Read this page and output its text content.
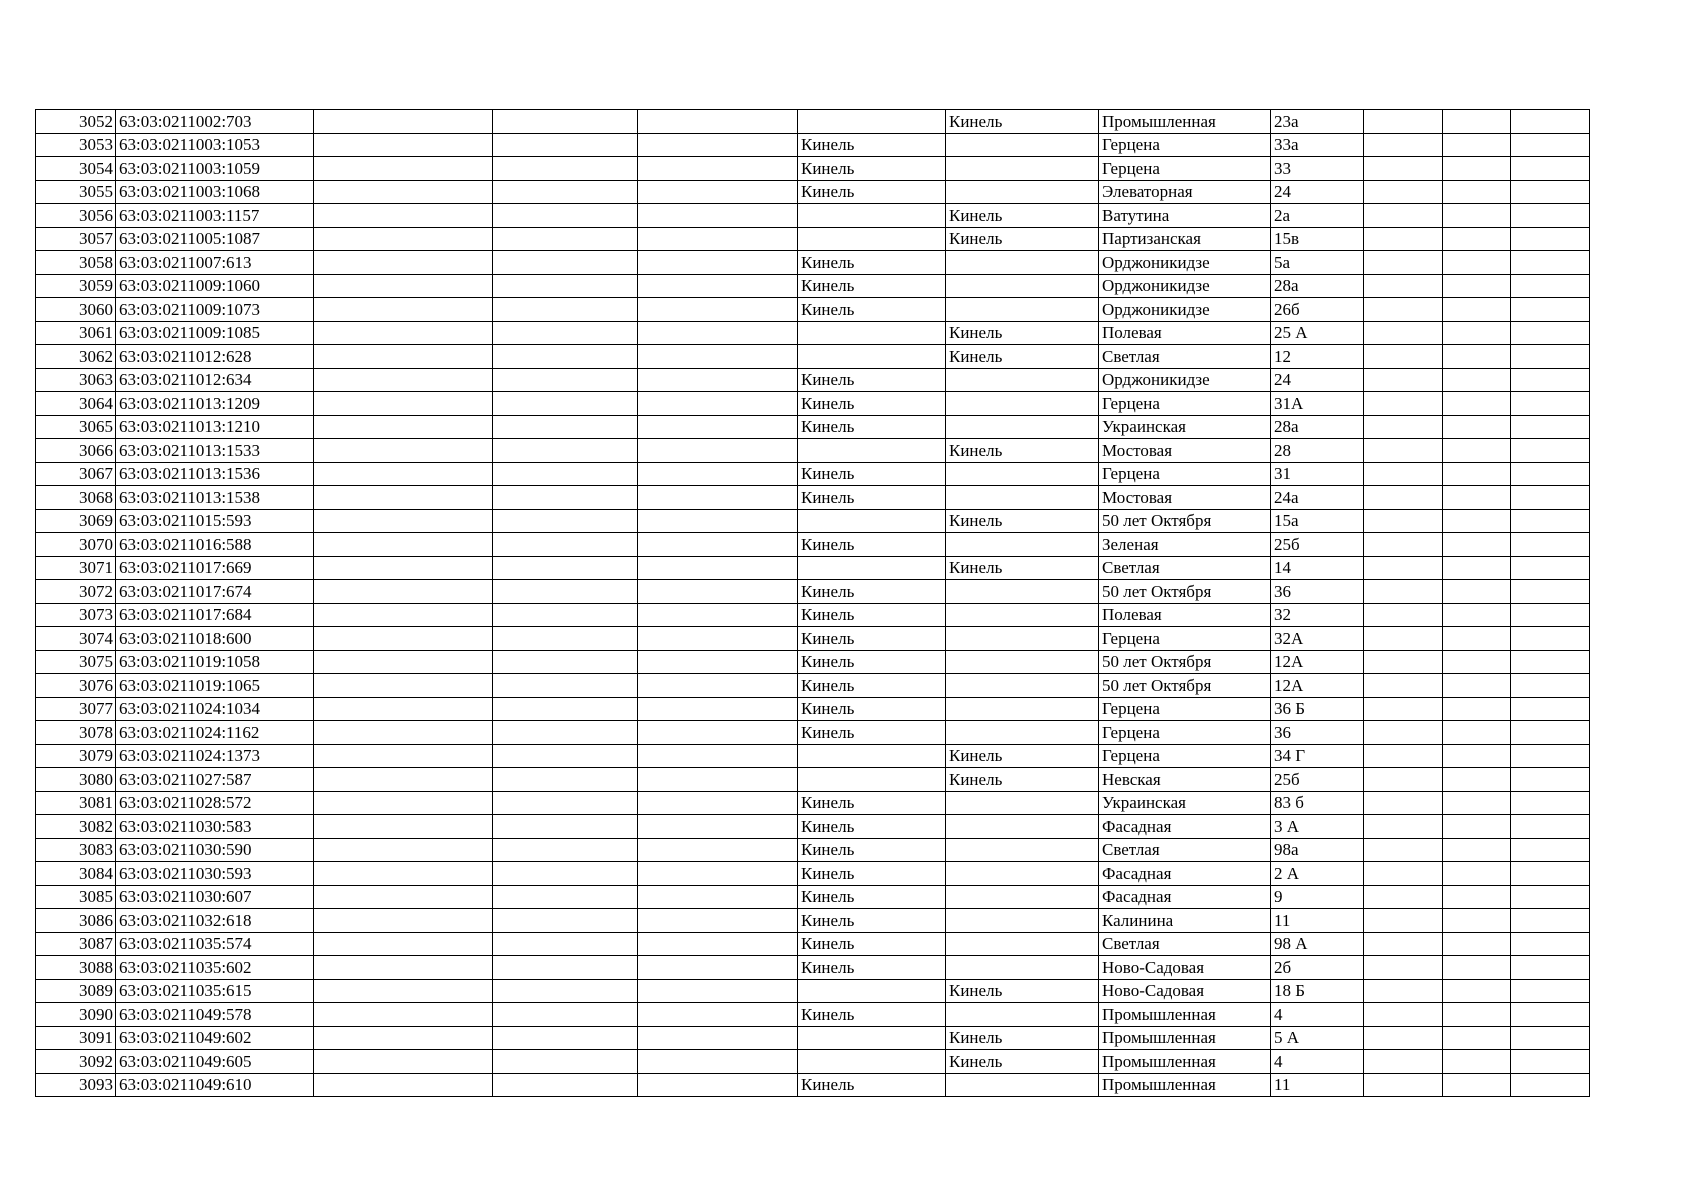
3052	63:03:0211002:703					Кинель	Промышленная	23а			
3053	63:03:0211003:1053				Кинель		Герцена	33а			
3054	63:03:0211003:1059				Кинель		Герцена	33			
3055	63:03:0211003:1068				Кинель		Элеваторная	24			
3056	63:03:0211003:1157					Кинель	Ватутина	2а			
3057	63:03:0211005:1087					Кинель	Партизанская	15в			
3058	63:03:0211007:613				Кинель		Орджоникидзе	5а			
3059	63:03:0211009:1060				Кинель		Орджоникидзе	28а			
3060	63:03:0211009:1073				Кинель		Орджоникидзе	26б			
3061	63:03:0211009:1085					Кинель	Полевая	25 А			
3062	63:03:0211012:628					Кинель	Светлая	12			
3063	63:03:0211012:634				Кинель		Орджоникидзе	24			
3064	63:03:0211013:1209				Кинель		Герцена	31А			
3065	63:03:0211013:1210				Кинель		Украинская	28а			
3066	63:03:0211013:1533					Кинель	Мостовая	28			
3067	63:03:0211013:1536				Кинель		Герцена	31			
3068	63:03:0211013:1538				Кинель		Мостовая	24а			
3069	63:03:0211015:593					Кинель	50 лет Октября	15а			
3070	63:03:0211016:588				Кинель		Зеленая	25б			
3071	63:03:0211017:669					Кинель	Светлая	14			
3072	63:03:0211017:674				Кинель		50 лет Октября	36			
3073	63:03:0211017:684				Кинель		Полевая	32			
3074	63:03:0211018:600				Кинель		Герцена	32А			
3075	63:03:0211019:1058				Кинель		50 лет Октября	12А			
3076	63:03:0211019:1065				Кинель		50 лет Октября	12А			
3077	63:03:0211024:1034				Кинель		Герцена	36 Б			
3078	63:03:0211024:1162				Кинель		Герцена	36			
3079	63:03:0211024:1373					Кинель	Герцена	34 Г			
3080	63:03:0211027:587					Кинель	Невская	25б			
3081	63:03:0211028:572				Кинель		Украинская	83 б			
3082	63:03:0211030:583				Кинель		Фасадная	3 А			
3083	63:03:0211030:590				Кинель		Светлая	98а			
3084	63:03:0211030:593				Кинель		Фасадная	2 А			
3085	63:03:0211030:607				Кинель		Фасадная	9			
3086	63:03:0211032:618				Кинель		Калинина	11			
3087	63:03:0211035:574				Кинель		Светлая	98 А			
3088	63:03:0211035:602				Кинель		Ново-Садовая	2б			
3089	63:03:0211035:615					Кинель	Ново-Садовая	18 Б			
3090	63:03:0211049:578				Кинель		Промышленная	4			
3091	63:03:0211049:602					Кинель	Промышленная	5 А			
3092	63:03:0211049:605					Кинель	Промышленная	4			
3093	63:03:0211049:610				Кинель		Промышленная	11			
